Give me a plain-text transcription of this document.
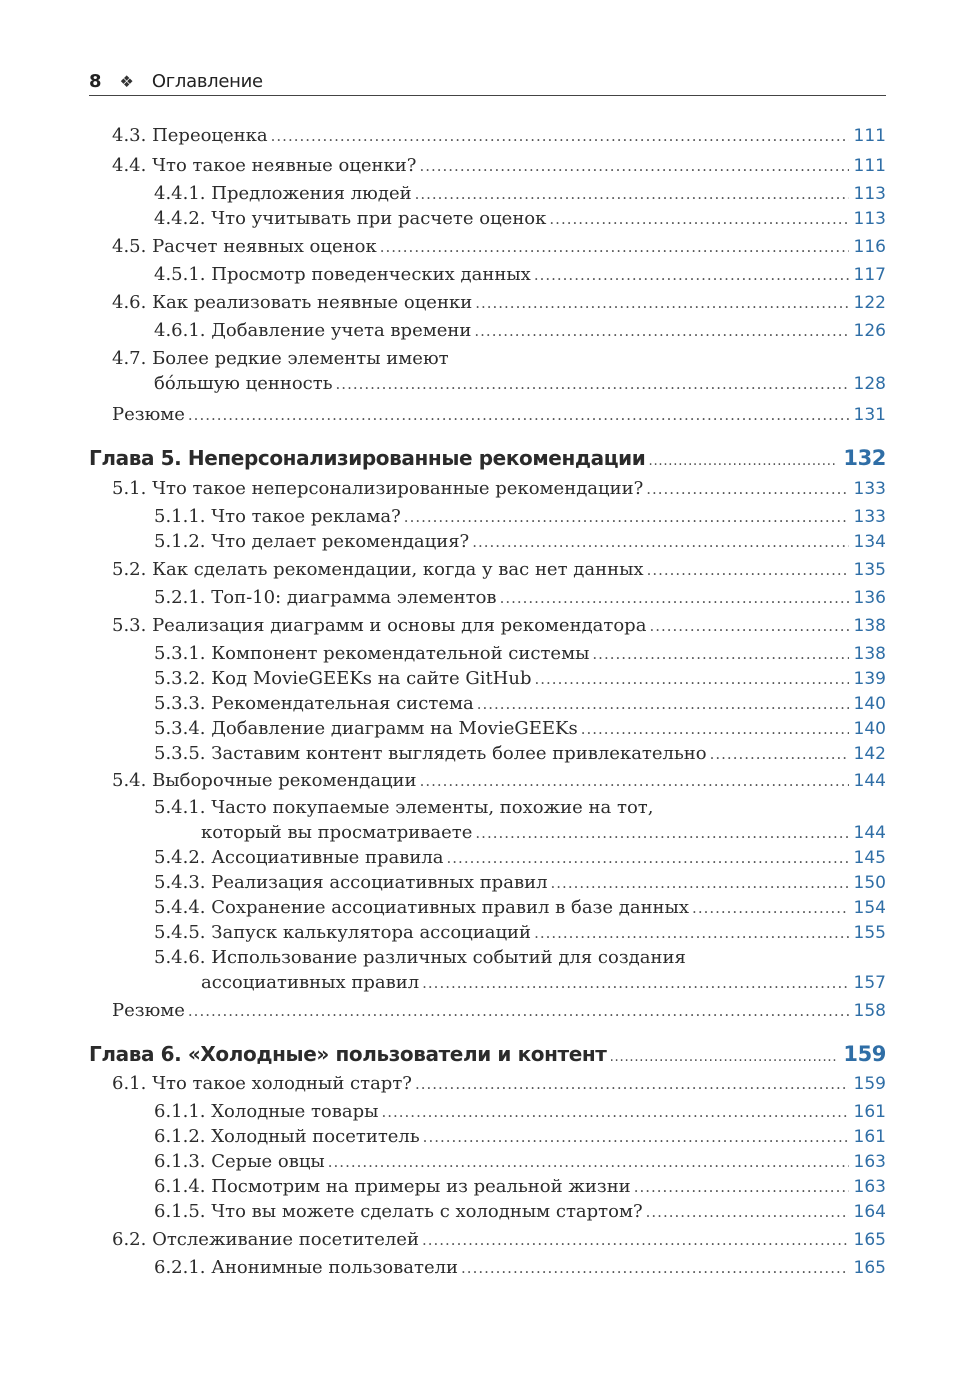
8 ❖ Оглавление
4.3. Переоценка .....	111
4.4. Что такое неявные оценки? .....	111
4.4.1. Предложения людей .....	113
4.4.2. Что учитывать при расчете оценок .....	113
4.5. Расчет неявных оценок .....	116
4.5.1. Просмотр поведенческих данных .....	117
4.6. Как реализовать неявные оценки .....	122
4.6.1. Добавление учета времени .....	126
4.7. Более редкие элементы имеют
бóльшую ценность .....	128
Резюме .....	131
Глава 5. Неперсонализированные рекомендации .....	132
5.1. Что такое неперсонализированные рекомендации? .....	133
5.1.1. Что такое реклама? .....	133
5.1.2. Что делает рекомендация? .....	134
5.2. Как сделать рекомендации, когда у вас нет данных .....	135
5.2.1. Топ-10: диаграмма элементов .....	136
5.3. Реализация диаграмм и основы для рекомендатора .....	138
5.3.1. Компонент рекомендательной системы .....	138
5.3.2. Код MovieGEEKs на сайте GitHub .....	139
5.3.3. Рекомендательная система .....	140
5.3.4. Добавление диаграмм на MovieGEEKs .....	140
5.3.5. Заставим контент выглядеть более привлекательно .....	142
5.4. Выборочные рекомендации .....	144
5.4.1. Часто покупаемые элементы, похожие на тот,
который вы просматриваете .....	144
5.4.2. Ассоциативные правила .....	145
5.4.3. Реализация ассоциативных правил .....	150
5.4.4. Сохранение ассоциативных правил в базе данных .....	154
5.4.5. Запуск калькулятора ассоциаций .....	155
5.4.6. Использование различных событий для создания
ассоциативных правил .....	157
Резюме .....	158
Глава 6. «Холодные» пользователи и контент .....	159
6.1. Что такое холодный старт? .....	159
6.1.1. Холодные товары .....	161
6.1.2. Холодный посетитель .....	161
6.1.3. Серые овцы .....	163
6.1.4. Посмотрим на примеры из реальной жизни .....	163
6.1.5. Что вы можете сделать с холодным стартом? .....	164
6.2. Отслеживание посетителей .....	165
6.2.1. Анонимные пользователи .....	165
